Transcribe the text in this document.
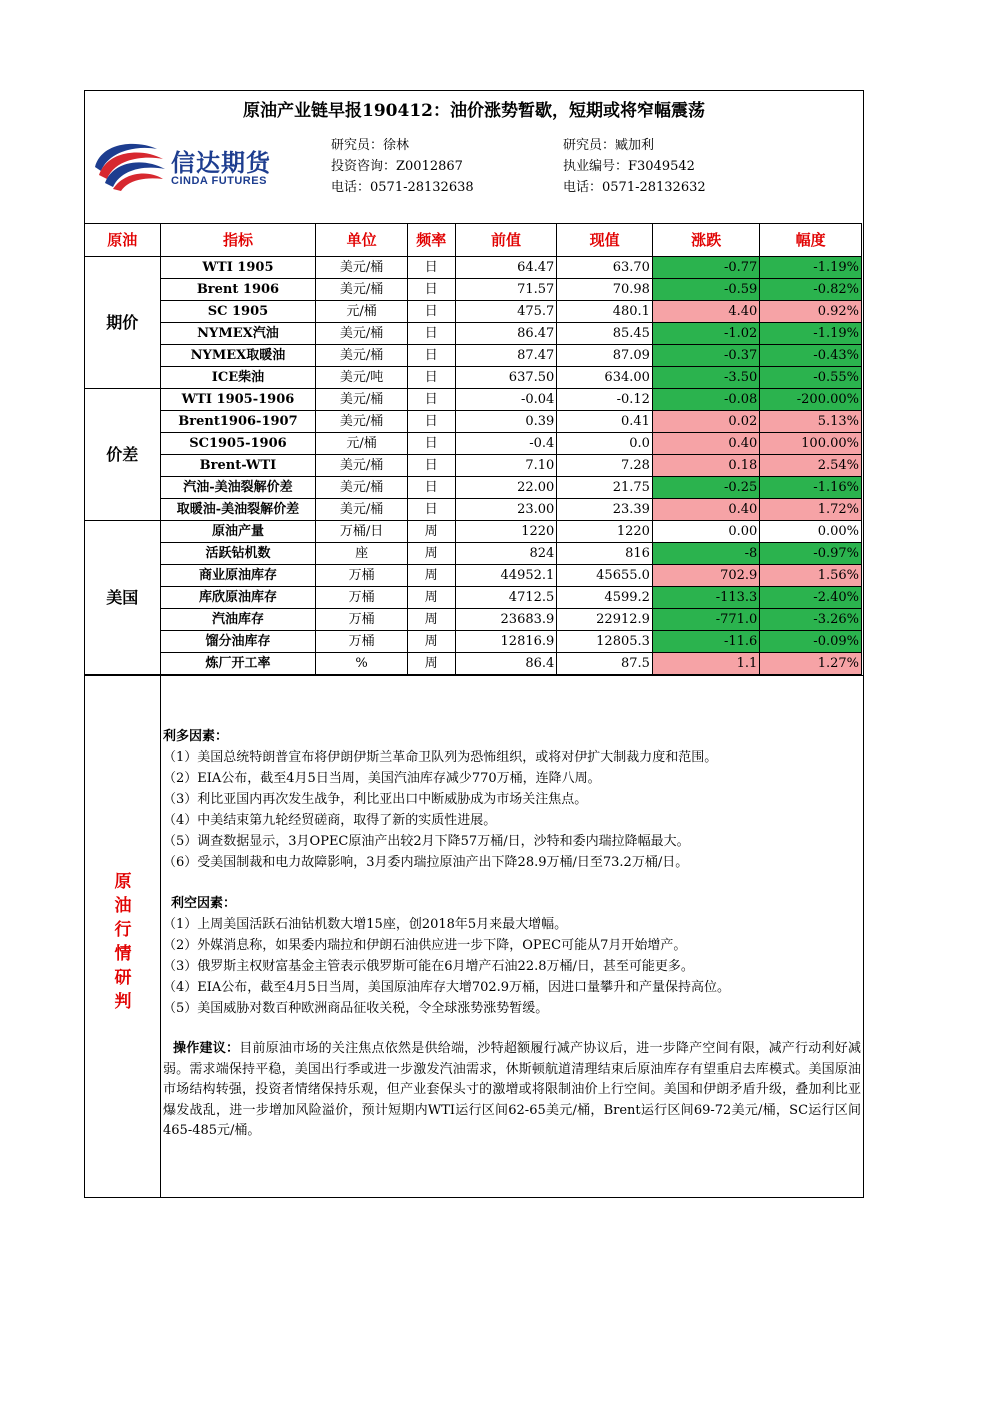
原油产业链早报190412：油价涨势暂歇，短期或将窄幅震荡
信达期货
CINDA FUTURES
研究员：徐林
投资咨询：Z0012867
电话：0571-28132638
研究员：臧加利
执业编号：F3049542
电话：0571-28132632
原油	指标	单位	频率	前值	现值	涨跌	幅度
期价	WTI 1905	美元/桶	日	64.47	63.70	-0.77	-1.19%
	Brent 1906	美元/桶	日	71.57	70.98	-0.59	-0.82%
	SC 1905	元/桶	日	475.7	480.1	4.40	0.92%
	NYMEX汽油	美元/桶	日	86.47	85.45	-1.02	-1.19%
	NYMEX取暖油	美元/桶	日	87.47	87.09	-0.37	-0.43%
	ICE柴油	美元/吨	日	637.50	634.00	-3.50	-0.55%
价差	WTI 1905-1906	美元/桶	日	-0.04	-0.12	-0.08	-200.00%
	Brent1906-1907	美元/桶	日	0.39	0.41	0.02	5.13%
	SC1905-1906	元/桶	日	-0.4	0.0	0.40	100.00%
	Brent-WTI	美元/桶	日	7.10	7.28	0.18	2.54%
	汽油-美油裂解价差	美元/桶	日	22.00	21.75	-0.25	-1.16%
	取暖油-美油裂解价差	美元/桶	日	23.00	23.39	0.40	1.72%
美国	原油产量	万桶/日	周	1220	1220	0.00	0.00%
	活跃钻机数	座	周	824	816	-8	-0.97%
	商业原油库存	万桶	周	44952.1	45655.0	702.9	1.56%
	库欣原油库存	万桶	周	4712.5	4599.2	-113.3	-2.40%
	汽油库存	万桶	周	23683.9	22912.9	-771.0	-3.26%
	馏分油库存	万桶	周	12816.9	12805.3	-11.6	-0.09%
	炼厂开工率	%	周	86.4	87.5	1.1	1.27%
原
油
行
情
研
判
利多因素：

（1）美国总统特朗普宣布将伊朗伊斯兰革命卫队列为恐怖组织，或将对伊扩大制裁力度和范围。

（2）EIA公布，截至4月5日当周，美国汽油库存减少770万桶，连降八周。

（3）利比亚国内再次发生战争，利比亚出口中断威胁成为市场关注焦点。

（4）中美结束第九轮经贸磋商，取得了新的实质性进展。

（5）调查数据显示，3月OPEC原油产出较2月下降57万桶/日，沙特和委内瑞拉降幅最大。

（6）受美国制裁和电力故障影响，3月委内瑞拉原油产出下降28.9万桶/日至73.2万桶/日。

利空因素：

（1）上周美国活跃石油钻机数大增15座，创2018年5月来最大增幅。

（2）外媒消息称，如果委内瑞拉和伊朗石油供应进一步下降，OPEC可能从7月开始增产。

（3）俄罗斯主权财富基金主管表示俄罗斯可能在6月增产石油22.8万桶/日，甚至可能更多。

（4）EIA公布，截至4月5日当周，美国原油库存大增702.9万桶，因进口量攀升和产量保持高位。

（5）美国威胁对数百种欧洲商品征收关税，令全球涨势涨势暂缓。

操作建议：目前原油市场的关注焦点依然是供给端，沙特超额履行减产协议后，进一步降产空间有限，减产行动利好减弱。需求端保持平稳，美国出行季或进一步激发汽油需求，休斯顿航道清理结束后原油库存有望重启去库模式。美国原油市场结构转强，投资者情绪保持乐观，但产业套保头寸的激增或将限制油价上行空间。美国和伊朗矛盾升级，叠加利比亚爆发战乱，进一步增加风险溢价，预计短期内WTI运行区间62-65美元/桶，Brent运行区间69-72美元/桶，SC运行区间465-485元/桶。
